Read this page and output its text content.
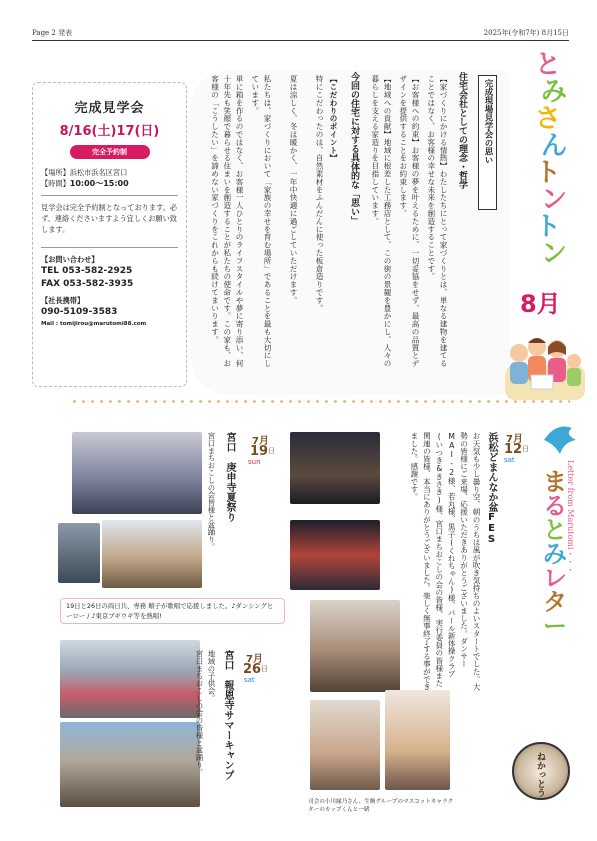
Page 2 発表	2025年(令和7年) 8月15日
完成見学会
8/16(土)17(日)
完全予約制
【場所】浜松市浜名区宮口
【時間】10:00～15:00
見学会は完全予約制となっております。必ず、連絡くださいますよう宜しくお願い致します。
【お問い合わせ】
TEL 053-582-2925
FAX 053-582-3935
【社長携帯】
090-5109-3583
Mail : tomijirou@marutomi88.com
完成現場見学会の思い
住宅会社としての理念・哲学
【家づくりにかける情熱】わたしたちにとって家づくりとは、単なる建物を建てることではなく、お客様の幸せな未来を創造することです。
【お客様への約束】お客様の夢を叶えるために、一切妥協をせず、最高の品質とデザインを提供することをお約束します。
【地域への貢献】地域に根差した工務店として、この街の景観を豊かにし、人々の暮らしを支える家造りを目指しています。
今回の住宅に対する具体的な「思い」
【こだわりのポイント】
特にこだわったのは、自然素材をふんだんに使った板倉造りです。
夏は涼しく、冬は暖かく、一年中快適に過ごしていただけます。
私たちは、家づくりにおいて「家族の幸せを育む場所」であることを最も大切にしています。
単に箱を作るのではなく、お客様一人ひとりのライフスタイルや夢に寄り添い、何十年先も笑顔で暮らせる住まいを創造することが私たちの使命です。この家も、お客様の「こうしたい」を諦めない家づくりをこれからも続けてまいります。
と
み
さ
ん
ト
ン
ト
ン
8月
7月
19 日
sun
宮口
庚申寺夏祭り
宮口まちおこしの会皆様と盆踊り。
19日と26日の両日共、専務 順子が歌唱で応援しました。♪ダンシングヒーロー / ♪東京ブギウギ等を熱唱!
7月
26 日
sat
宮口
報恩寺サマーキャンプ
地域の子供会。
宮口まちおこしの会の皆様と盆踊り。
司会の小川縁乃さん、生駒グループのマスコットキャラクターのカップくんと一緒
ま
る
と
み
レ
タ
ー
Letter from Marutomi・・・
7月
12 日
sat
浜松どまんなか盆FES
お天気も少し曇り空、朝のうちは風が吹き気持ちのよいスタートでした。大勢の皆様にご来場、応援いただきありがとうございました。ダンサーMAI-2様、若丸様、黒子(くれちゃん)様、パール新体操クラブ(いつき&きさき)様、宮口まちおこしの会の皆様、実行委員の皆様また関連の皆様、本当にありがとうございました。楽しく無事終了する事ができました。感謝です。
ねかっとう
